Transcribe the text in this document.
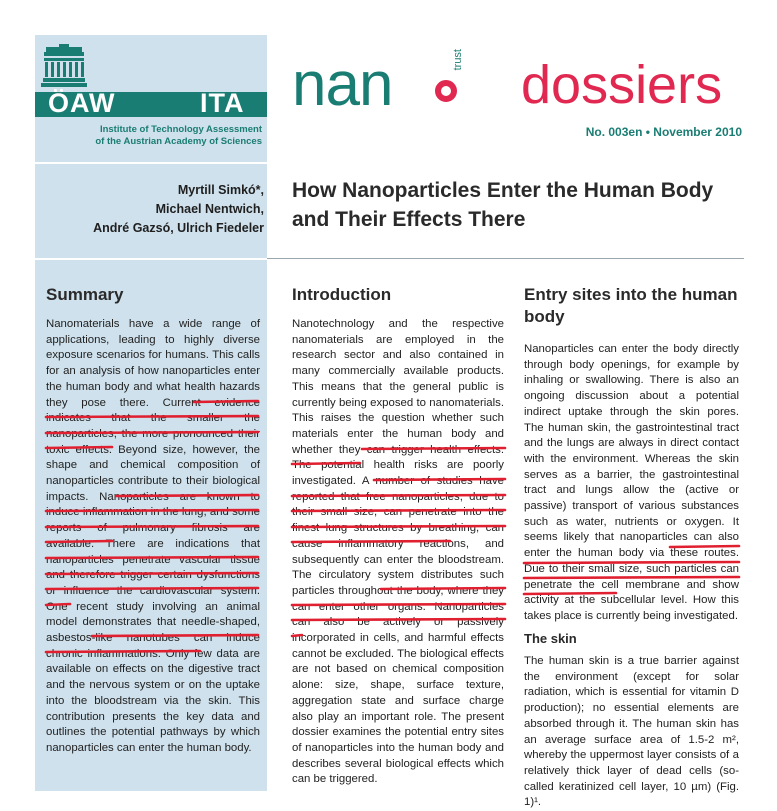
ÖAW	ITA
Institute of Technology Assessment
of the Austrian Academy of Sciences
nan	trust dossiers
No. 003en • November 2010
Myrtill Simkó*,
Michael Nentwich,
André Gazsó, Ulrich Fiedeler
How Nanoparticles Enter the Human Body and Their Effects There
Summary
Nanomaterials have a wide range of applications, leading to highly diverse exposure scenarios for humans. This calls for an analysis of how nanoparticles enter the human body and what health hazards they pose there. Current evidence indicates that the smaller the nanoparticles, the more pronounced their toxic effects. Beyond size, however, the shape and chemical composition of nanoparticles contribute to their biological impacts. Nanoparticles are known to induce inflammation in the lung, and some reports of pulmonary fibrosis are available. There are indications that nanoparticles penetrate vascular tissue and therefore trigger certain dysfunctions or influence the cardiovascular system. One recent study involving an animal model demonstrates that needle-shaped, asbestos-like nanotubes can induce chronic inflammations. Only few data are available on effects on the digestive tract and the nervous system or on the uptake into the bloodstream via the skin. This contribution presents the key data and outlines the potential pathways by which nanoparticles can enter the human body.
Introduction
Nanotechnology and the respective nanomaterials are employed in the research sector and also contained in many commercially available products. This means that the general public is currently being exposed to nanomaterials. This raises the question whether such materials enter the human body and whether they can trigger health effects. The potential health risks are poorly investigated. A number of studies have reported that free nanoparticles, due to their small size, can penetrate into the finest lung structures by breathing, can cause inflammatory reactions, and subsequently can enter the bloodstream. The circulatory system distributes such particles throughout the body, where they can enter other organs. Nanoparticles can also be actively or passively incorporated in cells, and harmful effects cannot be excluded. The biological effects are not based on chemical composition alone: size, shape, surface texture, aggregation state and surface charge also play an important role. The present dossier examines the potential entry sites of nanoparticles into the human body and describes several biological effects which can be triggered.
Entry sites into the human body
Nanoparticles can enter the body directly through body openings, for example by inhaling or swallowing. There is also an ongoing discussion about a potential indirect uptake through the skin pores. The human skin, the gastrointestinal tract and the lungs are always in direct contact with the environment. Whereas the skin serves as a barrier, the gastrointestinal tract and lungs allow the (active or passive) transport of various substances such as water, nutrients or oxygen. It seems likely that nanoparticles can also enter the human body via these routes. Due to their small size, such particles can penetrate the cell membrane and show activity at the subcellular level. How this takes place is currently being investigated.
The skin
The human skin is a true barrier against the environment (except for solar radiation, which is essential for vitamin D production); no essential elements are absorbed through it. The human skin has an average surface area of 1.5-2 m², whereby the uppermost layer consists of a relatively thick layer of dead cells (so-called keratinized cell layer, 10 µm) (Fig. 1)¹.
